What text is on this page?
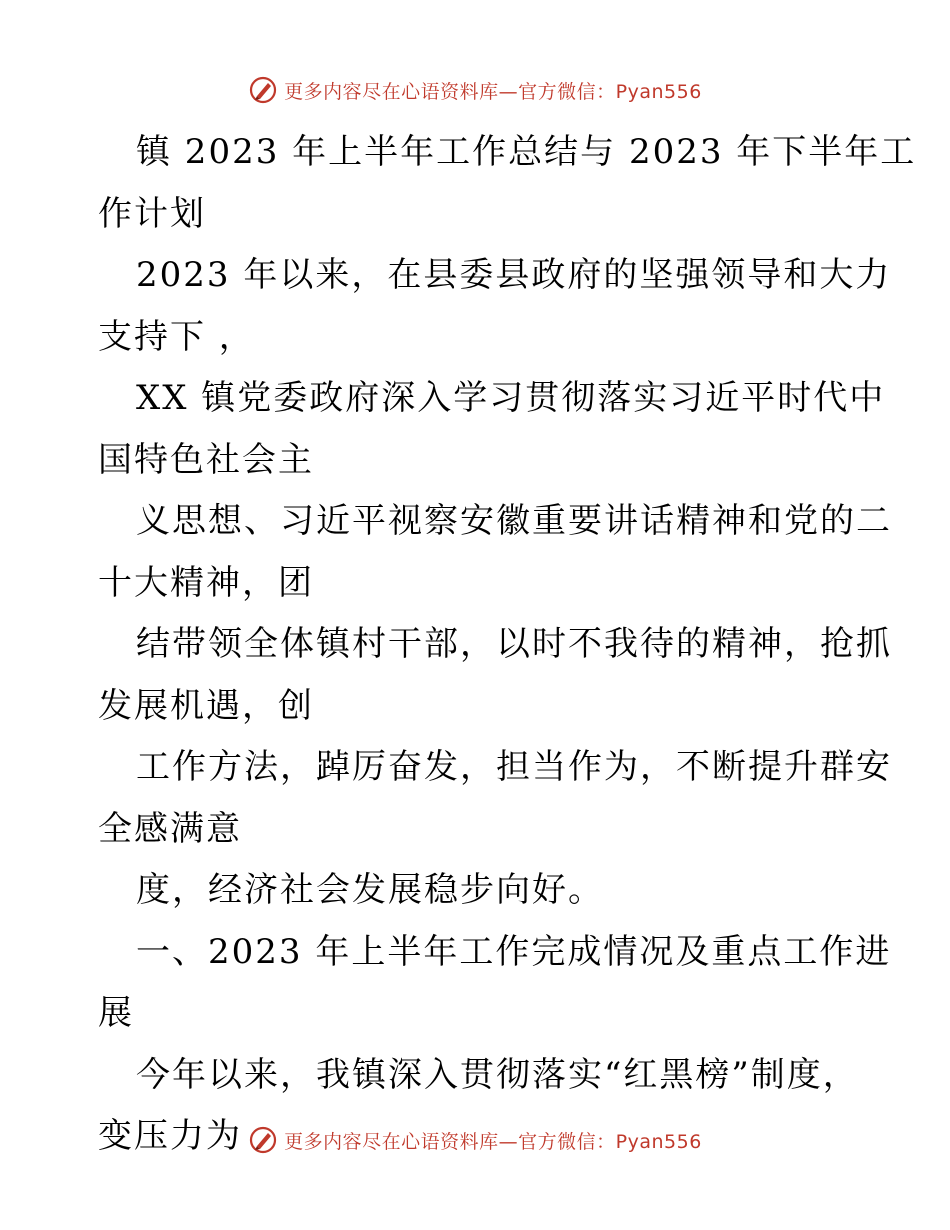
更多内容尽在心语资料库—官方微信：Pyan556
镇 2023 年上半年工作总结与 2023 年下半年工
作计划
2023 年以来，在县委县政府的坚强领导和大力
支持下 ，
XX 镇党委政府深入学习贯彻落实习近平时代中
国特色社会主
义思想、习近平视察安徽重要讲话精神和党的二
十大精神，团
结带领全体镇村干部，以时不我待的精神，抢抓
发展机遇，创
工作方法，踔厉奋发，担当作为，不断提升群安
全感满意
度，经济社会发展稳步向好。
一、2023 年上半年工作完成情况及重点工作进
展
今年以来，我镇深入贯彻落实“红黑榜”制度，
变压力为	更多内容尽在心语资料库—官方微信：Pyan556
